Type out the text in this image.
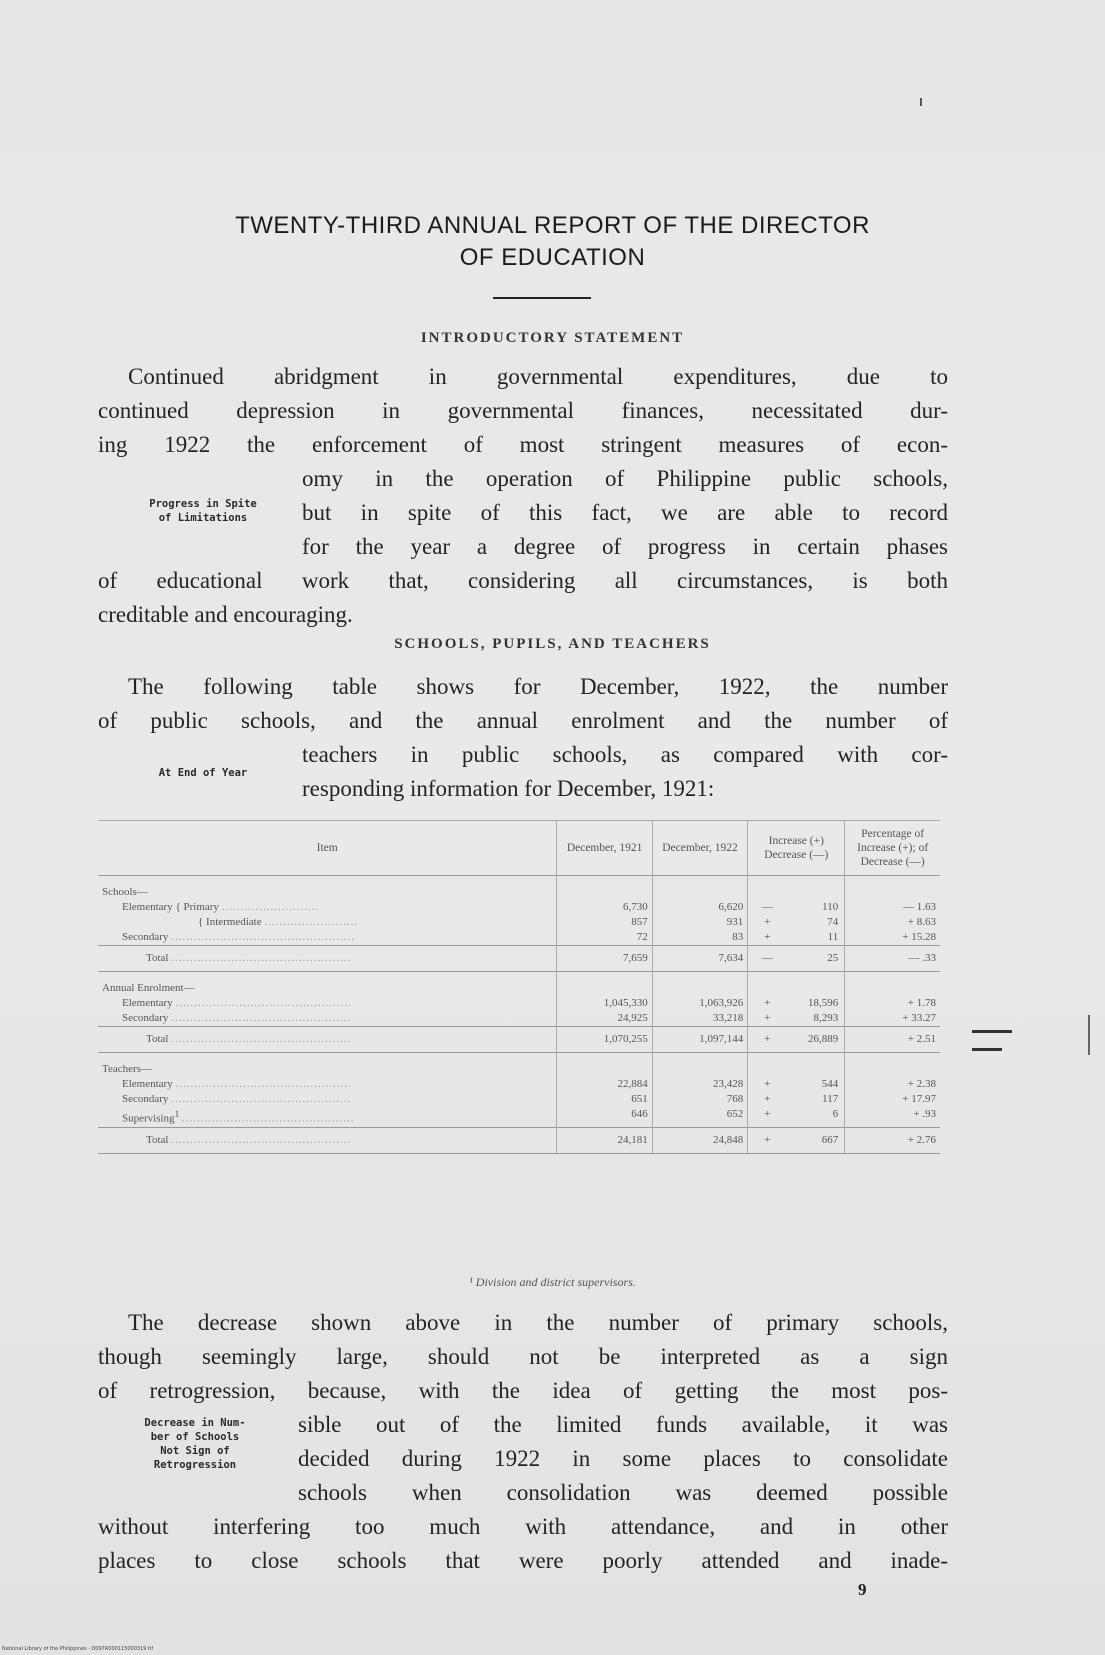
TWENTY-THIRD ANNUAL REPORT OF THE DIRECTOR
OF EDUCATION
INTRODUCTORY STATEMENT
Continued abridgment in governmental expenditures, due to
continued depression in governmental finances, necessitated dur-
ing 1922 the enforcement of most stringent measures of econ-
omy in the operation of Philippine public schools,
but in spite of this fact, we are able to record
for the year a degree of progress in certain phases
of educational work that, considering all circumstances, is both
creditable and encouraging.
Progress in Spite
of Limitations
SCHOOLS, PUPILS, AND TEACHERS
The following table shows for December, 1922, the number
of public schools, and the annual enrolment and the number of
teachers in public schools, as compared with cor-
responding information for December, 1921:
At End of Year
Item	December, 1921	December, 1922	Increase (+) Decrease (—)	Percentage of Increase (+); of Decrease (—)
Schools—				
Elementary { Primary ..........................	6,730	6,620	— 110	— 1.63
{ Intermediate .........................	857	931	+ 74	+ 8.63
Secondary .................................................	72	83	+ 11	+ 15.28
Total ................................................	7,659	7,634	— 25	— .33
Annual Enrolment—				
Elementary ...............................................	1,045,330	1,063,926	+ 18,596	+ 1.78
Secondary ................................................	24,925	33,218	+ 8,293	+ 33.27
Total ................................................	1,070,255	1,097,144	+ 26,889	+ 2.51
Teachers—				
Elementary ...............................................	22,884	23,428	+ 544	+ 2.38
Secondary ................................................	651	768	+ 117	+ 17.97
Supervising$^1$ ..............................................	646	652	+ 6	+ .93
Total ................................................	24,181	24,848	+ 667	+ 2.76
¹ Division and district supervisors.
The decrease shown above in the number of primary schools,
though seemingly large, should not be interpreted as a sign
of retrogression, because, with the idea of getting the most pos-
sible out of the limited funds available, it was
decided during 1922 in some places to consolidate
schools when consolidation was deemed possible
without interfering too much with attendance, and in other
places to close schools that were poorly attended and inade-
Decrease in Num-
ber of Schools
Not Sign of
Retrogression
9
National Library of the Philippines · D097R000115000319 tif
